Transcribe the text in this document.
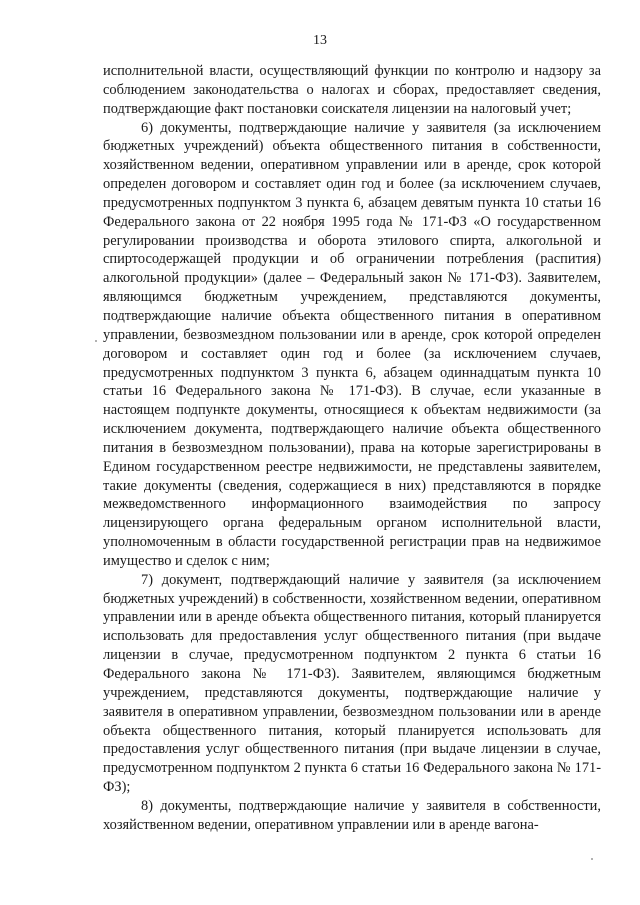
13

исполнительной власти, осуществляющий функции по контролю и надзору за соблюдением законодательства о налогах и сборах, предоставляет сведения, подтверждающие факт постановки соискателя лицензии на налоговый учет;

6) документы, подтверждающие наличие у заявителя (за исключением бюджетных учреждений) объекта общественного питания в собственности, хозяйственном ведении, оперативном управлении или в аренде, срок которой определен договором и составляет один год и более (за исключением случаев, предусмотренных подпунктом 3 пункта 6, абзацем девятым пункта 10 статьи 16 Федерального закона от 22 ноября 1995 года № 171-ФЗ «О государственном регулировании производства и оборота этилового спирта, алкогольной и спиртосодержащей продукции и об ограничении потребления (распития) алкогольной продукции» (далее – Федеральный закон № 171-ФЗ). Заявителем, являющимся бюджетным учреждением, представляются документы, подтверждающие наличие объекта общественного питания в оперативном управлении, безвозмездном пользовании или в аренде, срок которой определен договором и составляет один год и более (за исключением случаев, предусмотренных подпунктом 3 пункта 6, абзацем одиннадцатым пункта 10 статьи 16 Федерального закона № 171-ФЗ). В случае, если указанные в настоящем подпункте документы, относящиеся к объектам недвижимости (за исключением документа, подтверждающего наличие объекта общественного питания в безвозмездном пользовании), права на которые зарегистрированы в Едином государственном реестре недвижимости, не представлены заявителем, такие документы (сведения, содержащиеся в них) представляются в порядке межведомственного информационного взаимодействия по запросу лицензирующего органа федеральным органом исполнительной власти, уполномоченным в области государственной регистрации прав на недвижимое имущество и сделок с ним;

7) документ, подтверждающий наличие у заявителя (за исключением бюджетных учреждений) в собственности, хозяйственном ведении, оперативном управлении или в аренде объекта общественного питания, который планируется использовать для предоставления услуг общественного питания (при выдаче лицензии в случае, предусмотренном подпунктом 2 пункта 6 статьи 16 Федерального закона № 171-ФЗ). Заявителем, являющимся бюджетным учреждением, представляются документы, подтверждающие наличие у заявителя в оперативном управлении, безвозмездном пользовании или в аренде объекта общественного питания, который планируется использовать для предоставления услуг общественного питания (при выдаче лицензии в случае, предусмотренном подпунктом 2 пункта 6 статьи 16 Федерального закона № 171-ФЗ);

8) документы, подтверждающие наличие у заявителя в собственности, хозяйственном ведении, оперативном управлении или в аренде вагона-
